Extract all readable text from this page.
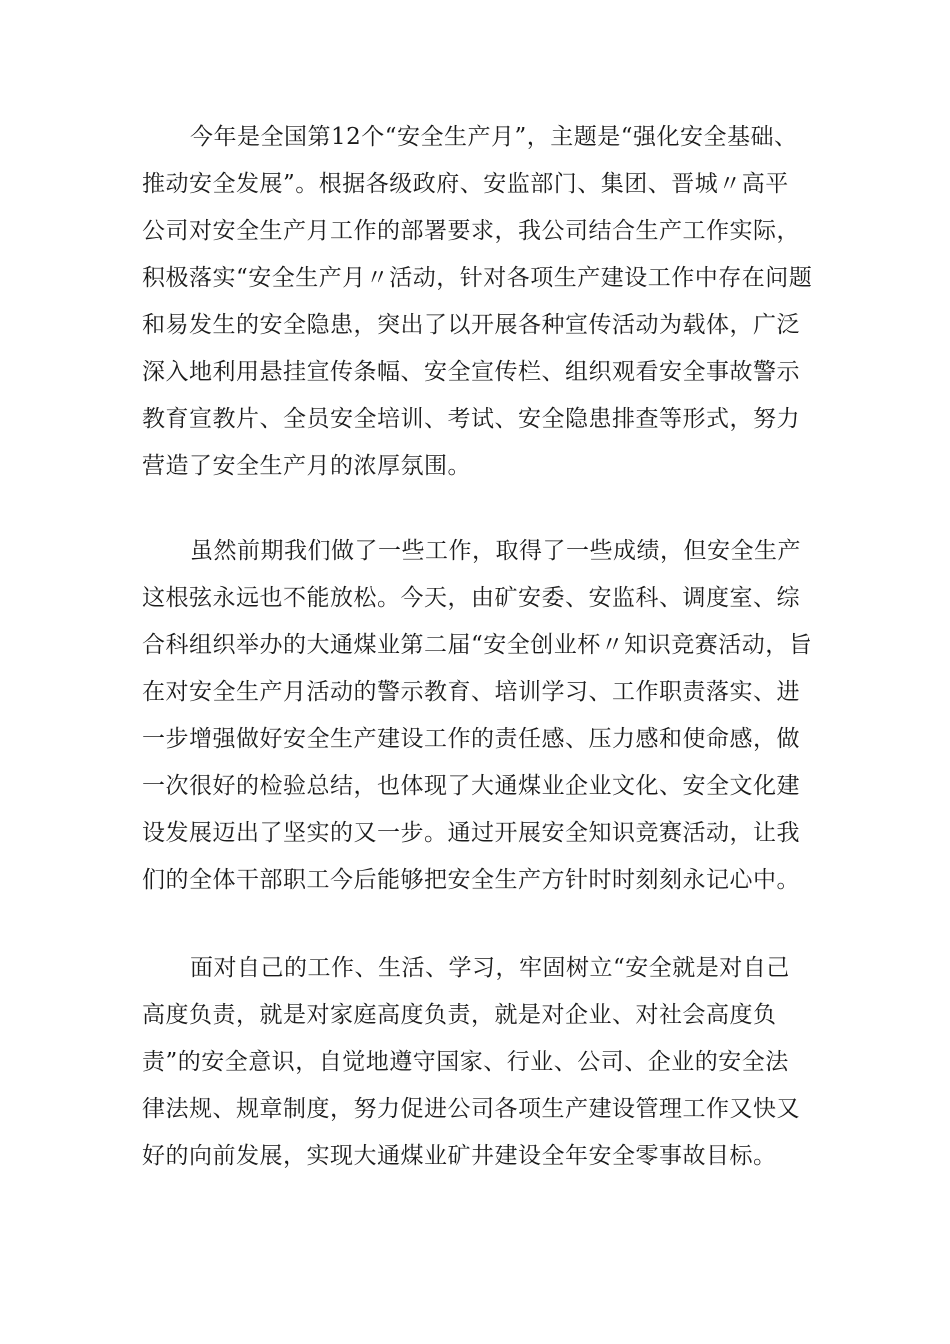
今年是全国第12个“安全生产月”，主题是“强化安全基础、
推动安全发展”。根据各级政府、安监部门、集团、晋城〃高平
公司对安全生产月工作的部署要求，我公司结合生产工作实际，
积极落实“安全生产月〃活动，针对各项生产建设工作中存在问题
和易发生的安全隐患，突出了以开展各种宣传活动为载体，广泛
深入地利用悬挂宣传条幅、安全宣传栏、组织观看安全事故警示
教育宣教片、全员安全培训、考试、安全隐患排查等形式，努力
营造了安全生产月的浓厚氛围。
虽然前期我们做了一些工作，取得了一些成绩，但安全生产
这根弦永远也不能放松。今天，由矿安委、安监科、调度室、综
合科组织举办的大通煤业第二届“安全创业杯〃知识竞赛活动，旨
在对安全生产月活动的警示教育、培训学习、工作职责落实、进
一步增强做好安全生产建设工作的责任感、压力感和使命感，做
一次很好的检验总结，也体现了大通煤业企业文化、安全文化建
设发展迈出了坚实的又一步。通过开展安全知识竞赛活动，让我
们的全体干部职工今后能够把安全生产方针时时刻刻永记心中。
面对自己的工作、生活、学习，牢固树立“安全就是对自己
高度负责，就是对家庭高度负责，就是对企业、对社会高度负
责”的安全意识，自觉地遵守国家、行业、公司、企业的安全法
律法规、规章制度，努力促进公司各项生产建设管理工作又快又
好的向前发展，实现大通煤业矿井建设全年安全零事故目标。
